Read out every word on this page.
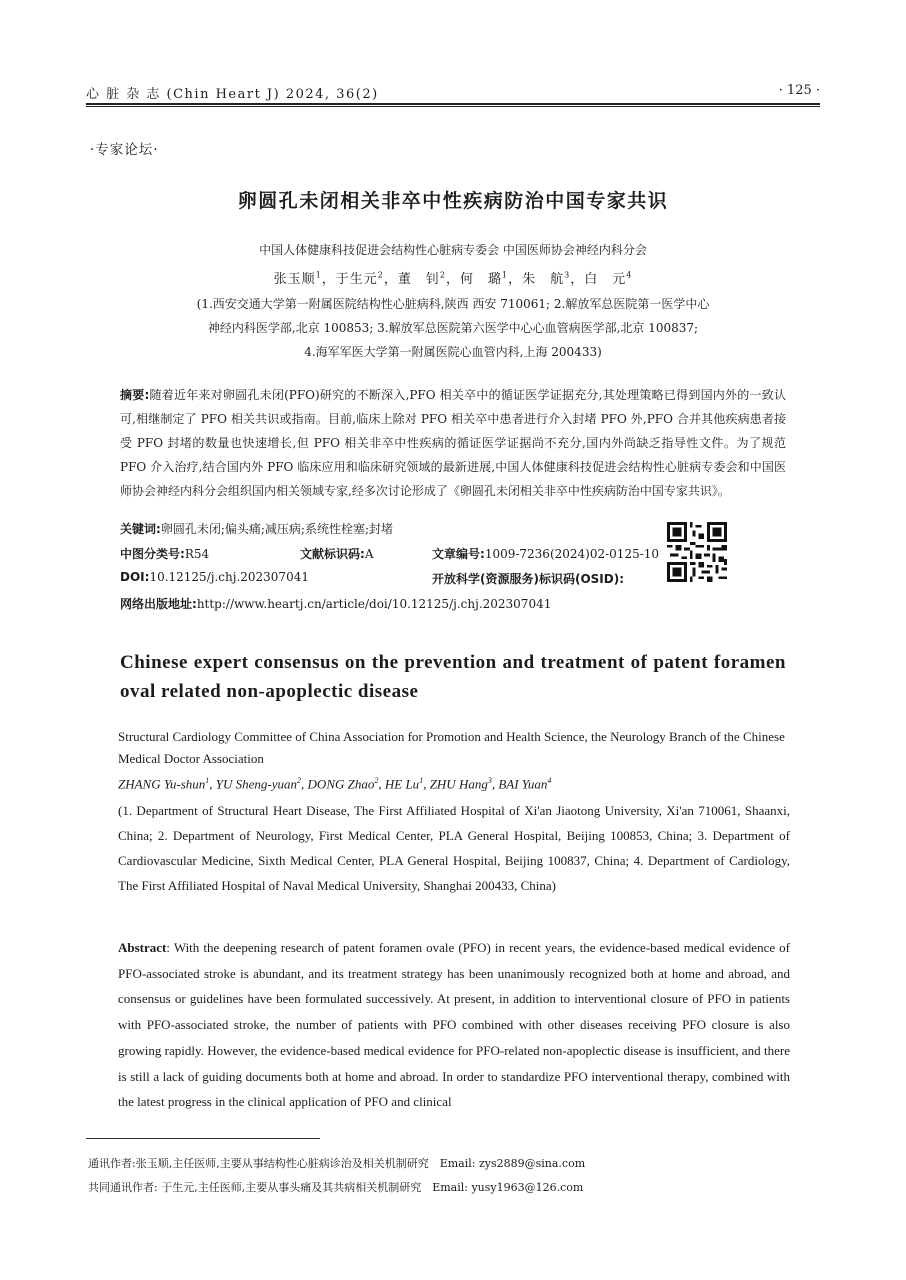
心 脏 杂 志 (Chin Heart J) 2024, 36(2)	· 125 ·
·专家论坛·
卵圆孔未闭相关非卒中性疾病防治中国专家共识
中国人体健康科技促进会结构性心脏病专委会 中国医师协会神经内科分会
张玉顺$^1$，于生元$^2$，董　钊$^2$，何　璐$^1$，朱　航$^3$，白　元$^4$
(1.西安交通大学第一附属医院结构性心脏病科,陕西 西安 710061; 2.解放军总医院第一医学中心
神经内科医学部,北京 100853; 3.解放军总医院第六医学中心心血管病医学部,北京 100837;
4.海军军医大学第一附属医院心血管内科,上海 200433)
摘要:随着近年来对卵圆孔未闭(PFO)研究的不断深入,PFO 相关卒中的循证医学证据充分,其处理策略已得到国内外的一致认可,相继制定了 PFO 相关共识或指南。目前,临床上除对 PFO 相关卒中患者进行介入封堵 PFO 外,PFO 合并其他疾病患者接受 PFO 封堵的数量也快速增长,但 PFO 相关非卒中性疾病的循证医学证据尚不充分,国内外尚缺乏指导性文件。为了规范 PFO 介入治疗,结合国内外 PFO 临床应用和临床研究领域的最新进展,中国人体健康科技促进会结构性心脏病专委会和中国医师协会神经内科分会组织国内相关领域专家,经多次讨论形成了《卵圆孔未闭相关非卒中性疾病防治中国专家共识》。
关键词:卵圆孔未闭;偏头痛;减压病;系统性栓塞;封堵
中图分类号:R54	文献标识码:A	文章编号:1009-7236(2024)02-0125-10
DOI:10.12125/j.chj.202307041	开放科学(资源服务)标识码(OSID):
网络出版地址:http://www.heartj.cn/article/doi/10.12125/j.chj.202307041
Chinese expert consensus on the prevention and treatment of patent foramen oval related non-apoplectic disease
Structural Cardiology Committee of China Association for Promotion and Health Science, the Neurology Branch of the Chinese Medical Doctor Association
ZHANG Yu-shun$^1$, YU Sheng-yuan$^2$, DONG Zhao$^2$, HE Lu$^1$, ZHU Hang$^3$, BAI Yuan$^4$
(1. Department of Structural Heart Disease, The First Affiliated Hospital of Xi'an Jiaotong University, Xi'an 710061, Shaanxi, China; 2. Department of Neurology, First Medical Center, PLA General Hospital, Beijing 100853, China; 3. Department of Cardiovascular Medicine, Sixth Medical Center, PLA General Hospital, Beijing 100837, China; 4. Department of Cardiology, The First Affiliated Hospital of Naval Medical University, Shanghai 200433, China)
Abstract: With the deepening research of patent foramen ovale (PFO) in recent years, the evidence-based medical evidence of PFO-associated stroke is abundant, and its treatment strategy has been unanimously recognized both at home and abroad, and consensus or guidelines have been formulated successively. At present, in addition to interventional closure of PFO in patients with PFO-associated stroke, the number of patients with PFO combined with other diseases receiving PFO closure is also growing rapidly. However, the evidence-based medical evidence for PFO-related non-apoplectic disease is insufficient, and there is still a lack of guiding documents both at home and abroad. In order to standardize PFO interventional therapy, combined with the latest progress in the clinical application of PFO and clinical
通讯作者:张玉顺,主任医师,主要从事结构性心脏病诊治及相关机制研究　Email: zys2889@sina.com
共同通讯作者: 于生元,主任医师,主要从事头痛及其共病相关机制研究　Email: yusy1963@126.com
